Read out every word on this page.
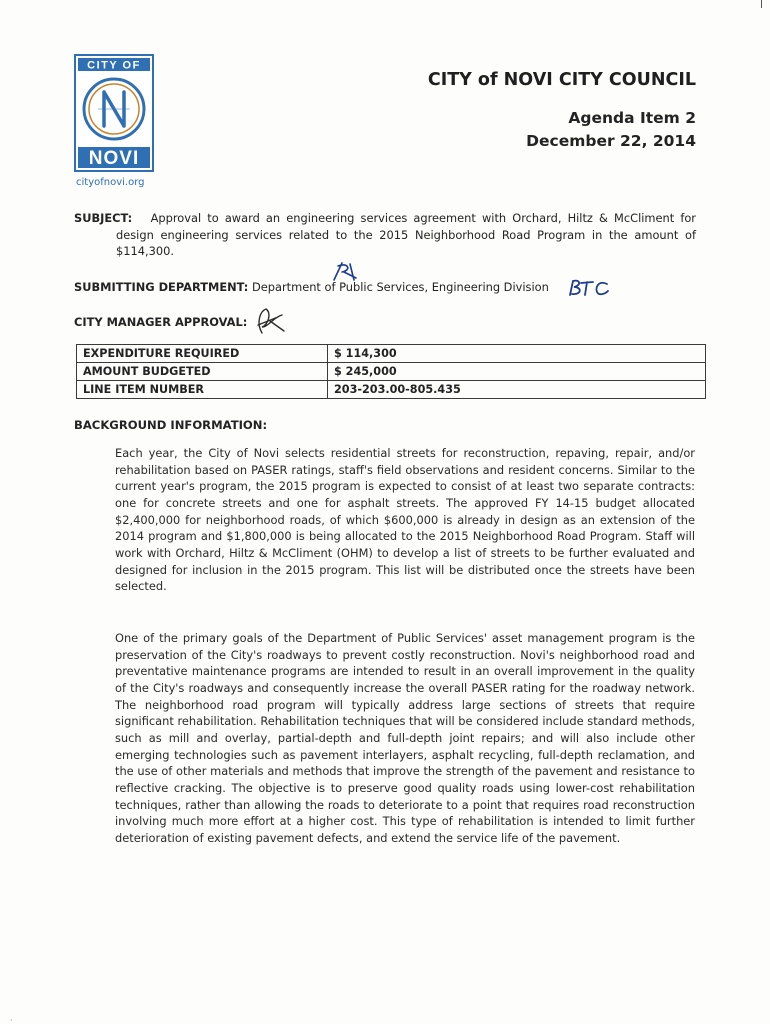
CITY OF
NOVI
cityofnovi.org
CITY of NOVI CITY COUNCIL
Agenda Item 2
December 22, 2014
SUBJECT: Approval to award an engineering services agreement with Orchard, Hiltz & McCliment for design engineering services related to the 2015 Neighborhood Road Program in the amount of $114,300.
SUBMITTING DEPARTMENT: Department of Public Services, Engineering Division
CITY MANAGER APPROVAL:
EXPENDITURE REQUIRED	$ 114,300
AMOUNT BUDGETED	$ 245,000
LINE ITEM NUMBER	203-203.00-805.435
BACKGROUND INFORMATION:
Each year, the City of Novi selects residential streets for reconstruction, repaving, repair, and/or rehabilitation based on PASER ratings, staff's field observations and resident concerns. Similar to the current year's program, the 2015 program is expected to consist of at least two separate contracts: one for concrete streets and one for asphalt streets. The approved FY 14-15 budget allocated $2,400,000 for neighborhood roads, of which $600,000 is already in design as an extension of the 2014 program and $1,800,000 is being allocated to the 2015 Neighborhood Road Program. Staff will work with Orchard, Hiltz & McCliment (OHM) to develop a list of streets to be further evaluated and designed for inclusion in the 2015 program. This list will be distributed once the streets have been selected.
One of the primary goals of the Department of Public Services' asset management program is the preservation of the City's roadways to prevent costly reconstruction. Novi's neighborhood road and preventative maintenance programs are intended to result in an overall improvement in the quality of the City's roadways and consequently increase the overall PASER rating for the roadway network. The neighborhood road program will typically address large sections of streets that require significant rehabilitation. Rehabilitation techniques that will be considered include standard methods, such as mill and overlay, partial-depth and full-depth joint repairs; and will also include other emerging technologies such as pavement interlayers, asphalt recycling, full-depth reclamation, and the use of other materials and methods that improve the strength of the pavement and resistance to reflective cracking. The objective is to preserve good quality roads using lower-cost rehabilitation techniques, rather than allowing the roads to deteriorate to a point that requires road reconstruction involving much more effort at a higher cost. This type of rehabilitation is intended to limit further deterioration of existing pavement defects, and extend the service life of the pavement.
·
